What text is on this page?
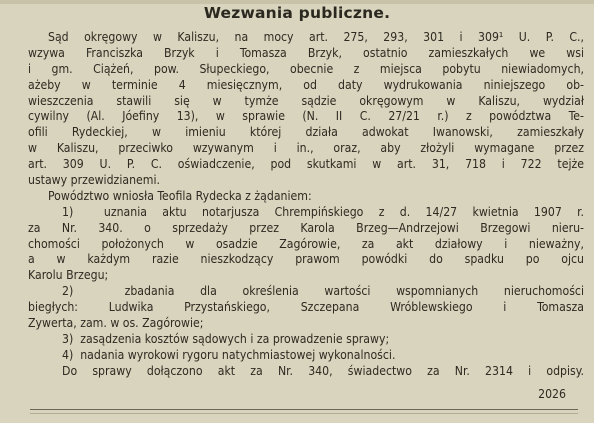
Wezwania publiczne.
Sąd okręgowy w Kaliszu, na mocy art. 275, 293, 301 i 309¹ U. P. C.,
wzywa Franciszka Brzyk i Tomasza Brzyk, ostatnio zamieszkałych we wsi
i gm. Ciążeń, pow. Słupeckiego, obecnie z miejsca pobytu niewiadomych,
ażeby w terminie 4 miesięcznym, od daty wydrukowania niniejszego ob-
wieszczenia stawili się w tymże sądzie okręgowym w Kaliszu, wydział
cywilny (Al. Jóefiny 13), w sprawie (N. II C. 27/21 r.) z powództwa Te-
ofili Rydeckiej, w imieniu której działa adwokat Iwanowski, zamieszkały
w Kaliszu, przeciwko wzywanym i in., oraz, aby złożyli wymagane przez
art. 309 U. P. C. oświadczenie, pod skutkami w art. 31, 718 i 722 tejże
ustawy przewidzianemi.
Powództwo wniosła Teofila Rydecka z żądaniem:
1)  uznania aktu notarjusza Chrempińskiego z d. 14/27 kwietnia 1907 r.
za Nr. 340. o sprzedaży przez Karola Brzeg—Andrzejowi Brzegowi nieru-
chomości położonych w osadzie Zagórowie, za akt działowy i nieważny,
a w każdym razie nieszkodzący prawom powódki do spadku po ojcu
Karolu Brzegu;
2)  zbadania dla określenia wartości wspomnianych nieruchomości
biegłych: Ludwika Przystańskiego, Szczepana Wróblewskiego i Tomasza
Zywerta, zam. w os. Zagórowie;
3)  zasądzenia kosztów sądowych i za prowadzenie sprawy;
4)  nadania wyrokowi rygoru natychmiastowej wykonalności.
Do sprawy dołączono akt za Nr. 340, świadectwo za Nr. 2314 i odpisy.
2026
